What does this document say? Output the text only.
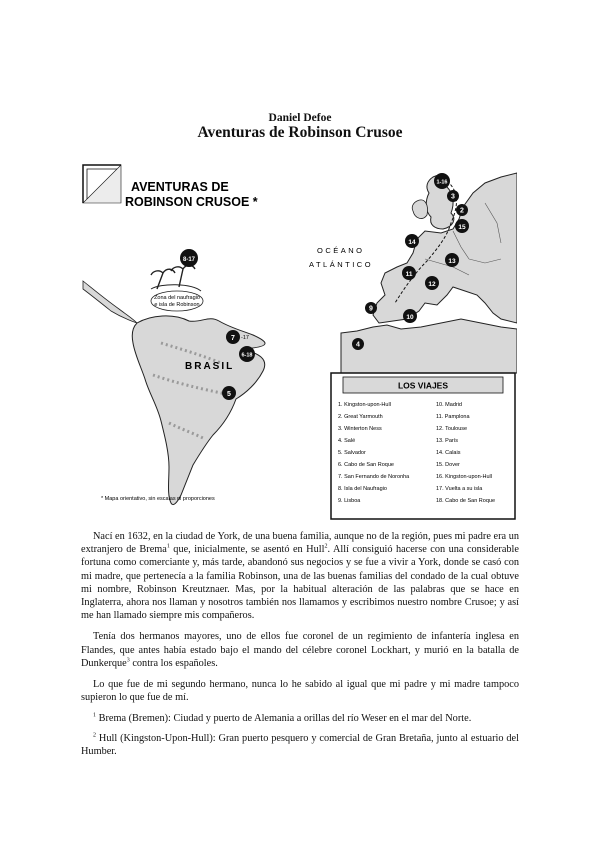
Daniel Defoe
Aventuras de Robinson Crusoe
AVENTURAS DE
ROBINSON CRUSOE *
BRASIL
8-17
Zona del naufragio
e isla de Robinson
7 -17
6-18
5
OCÉANO
ATLÁNTICO
1-16
3
2
15
14
13
11
12
9
10
4
LOS VIAJES
1. Kingston-upon-Hull
2. Great Yarmouth
3. Winterton Ness
4. Salé
5. Salvador
6. Cabo de San Roque
7. San Fernando de Noronha
8. Isla del Naufragio
9. Lisboa
10. Madrid
11. Pamplona
12. Toulouse
13. París
14. Calais
15. Dover
16. Kingston-upon-Hull
17. Vuelta a su isla
18. Cabo de San Roque
* Mapa orientativo, sin escalas ni proporciones

Nací en 1632, en la ciudad de York, de una buena familia, aunque no de la región, pues mi padre era un extranjero de Brema$^1$ que, inicialmente, se asentó en Hull$^2$. Allí consiguió hacerse con una considerable fortuna como comerciante y, más tarde, abandonó sus negocios y se fue a vivir a York, donde se casó con mi madre, que pertenecía a la familia Robinson, una de las buenas familias del condado de la cual obtuve mi nombre, Robinson Kreutznaer. Mas, por la habitual alteración de las palabras que se hace en Inglaterra, ahora nos llaman y nosotros también nos llamamos y escribimos nuestro nombre Crusoe; y así me han llamado siempre mis compañeros.

Tenía dos hermanos mayores, uno de ellos fue coronel de un regimiento de infantería inglesa en Flandes, que antes había estado bajo el mando del célebre coronel Lockhart, y murió en la batalla de Dunkerque$^3$ contra los españoles.

Lo que fue de mi segundo hermano, nunca lo he sabido al igual que mi padre y mi madre tampoco supieron lo que fue de mí.

$^1$ Brema (Bremen): Ciudad y puerto de Alemania a orillas del río Weser en el mar del Norte.

$^2$ Hull (Kingston-Upon-Hull): Gran puerto pesquero y comercial de Gran Bretaña, junto al estuario del Humber.
